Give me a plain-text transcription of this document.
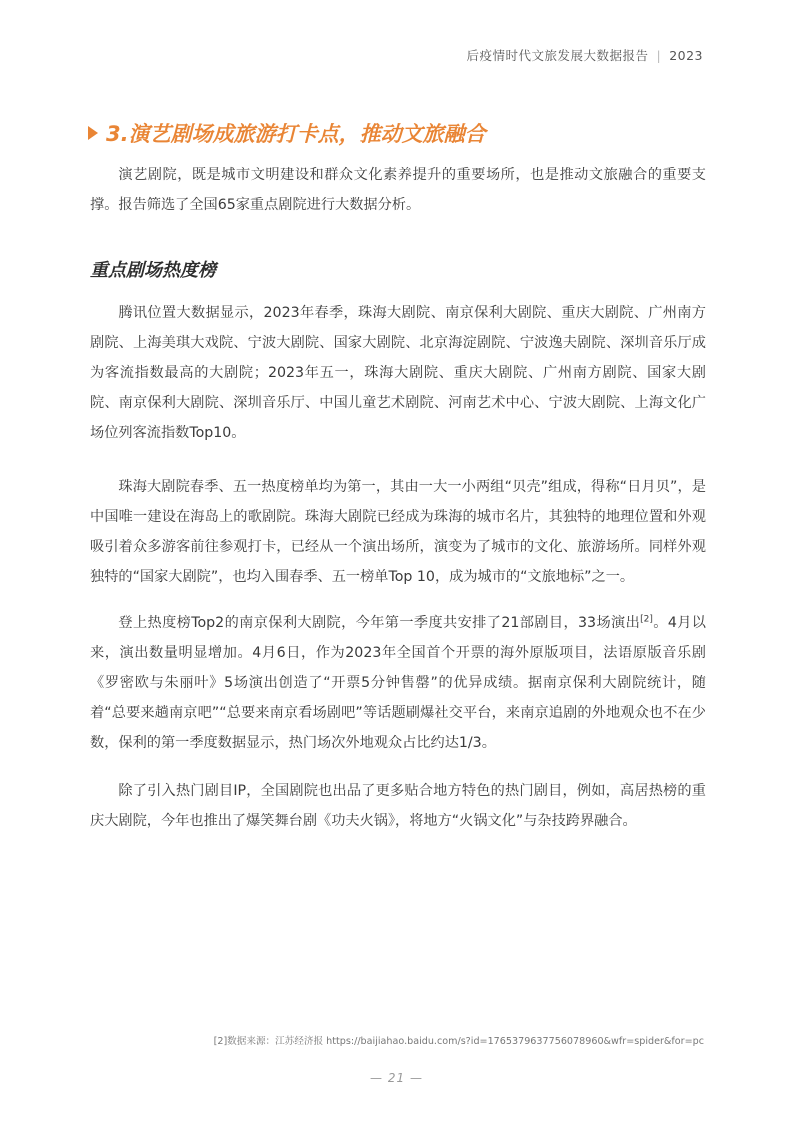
后疫情时代文旅发展大数据报告 | 2023
3.演艺剧场成旅游打卡点，推动文旅融合

演艺剧院，既是城市文明建设和群众文化素养提升的重要场所，也是推动文旅融合的重要支撑。报告筛选了全国65家重点剧院进行大数据分析。

重点剧场热度榜

腾讯位置大数据显示，2023年春季，珠海大剧院、南京保利大剧院、重庆大剧院、广州南方剧院、上海美琪大戏院、宁波大剧院、国家大剧院、北京海淀剧院、宁波逸夫剧院、深圳音乐厅成为客流指数最高的大剧院；2023年五一，珠海大剧院、重庆大剧院、广州南方剧院、国家大剧院、南京保利大剧院、深圳音乐厅、中国儿童艺术剧院、河南艺术中心、宁波大剧院、上海文化广场位列客流指数Top10。

珠海大剧院春季、五一热度榜单均为第一，其由一大一小两组“贝壳”组成，得称“日月贝”，是中国唯一建设在海岛上的歌剧院。珠海大剧院已经成为珠海的城市名片，其独特的地理位置和外观吸引着众多游客前往参观打卡，已经从一个演出场所，演变为了城市的文化、旅游场所。同样外观独特的“国家大剧院”，也均入围春季、五一榜单Top 10，成为城市的“文旅地标”之一。

登上热度榜Top2的南京保利大剧院，今年第一季度共安排了21部剧目，33场演出[2]。4月以来，演出数量明显增加。4月6日，作为2023年全国首个开票的海外原版项目，法语原版音乐剧《罗密欧与朱丽叶》5场演出创造了“开票5分钟售罄”的优异成绩。据南京保利大剧院统计，随着“总要来趟南京吧”“总要来南京看场剧吧”等话题刷爆社交平台，来南京追剧的外地观众也不在少数，保利的第一季度数据显示，热门场次外地观众占比约达1/3。

除了引入热门剧目IP，全国剧院也出品了更多贴合地方特色的热门剧目，例如，高居热榜的重庆大剧院，今年也推出了爆笑舞台剧《功夫火锅》，将地方“火锅文化”与杂技跨界融合。

[2]数据来源：江苏经济报 https://baijiahao.baidu.com/s?id=1765379637756078960&wfr=spider&for=pc
— 21 —
